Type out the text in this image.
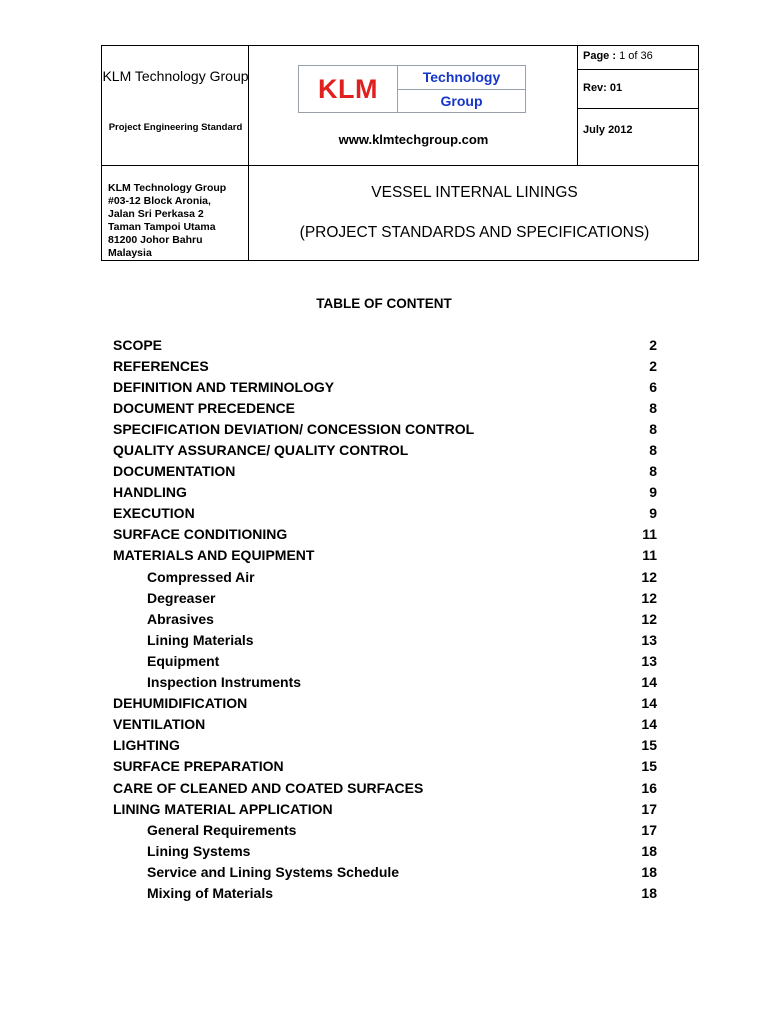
KLM Technology Group
Project Engineering Standard
KLM	Technology
Group
www.klmtechgroup.com
Page : 1 of 36
Rev: 01
July 2012
KLM Technology Group
#03-12 Block Aronia,
Jalan Sri Perkasa 2
Taman Tampoi Utama
81200 Johor Bahru
Malaysia
VESSEL INTERNAL LININGS
(PROJECT STANDARDS AND SPECIFICATIONS)
TABLE OF CONTENT
SCOPE	2
REFERENCES	2
DEFINITION AND TERMINOLOGY	6
DOCUMENT PRECEDENCE	8
SPECIFICATION DEVIATION/ CONCESSION CONTROL	8
QUALITY ASSURANCE/ QUALITY CONTROL	8
DOCUMENTATION	8
HANDLING	9
EXECUTION	9
SURFACE CONDITIONING	11
MATERIALS AND EQUIPMENT	11
Compressed Air	12
Degreaser	12
Abrasives	12
Lining Materials	13
Equipment	13
Inspection Instruments	14
DEHUMIDIFICATION	14
VENTILATION	14
LIGHTING	15
SURFACE PREPARATION	15
CARE OF CLEANED AND COATED SURFACES	16
LINING MATERIAL APPLICATION	17
General Requirements	17
Lining Systems	18
Service and Lining Systems Schedule	18
Mixing of Materials	18
